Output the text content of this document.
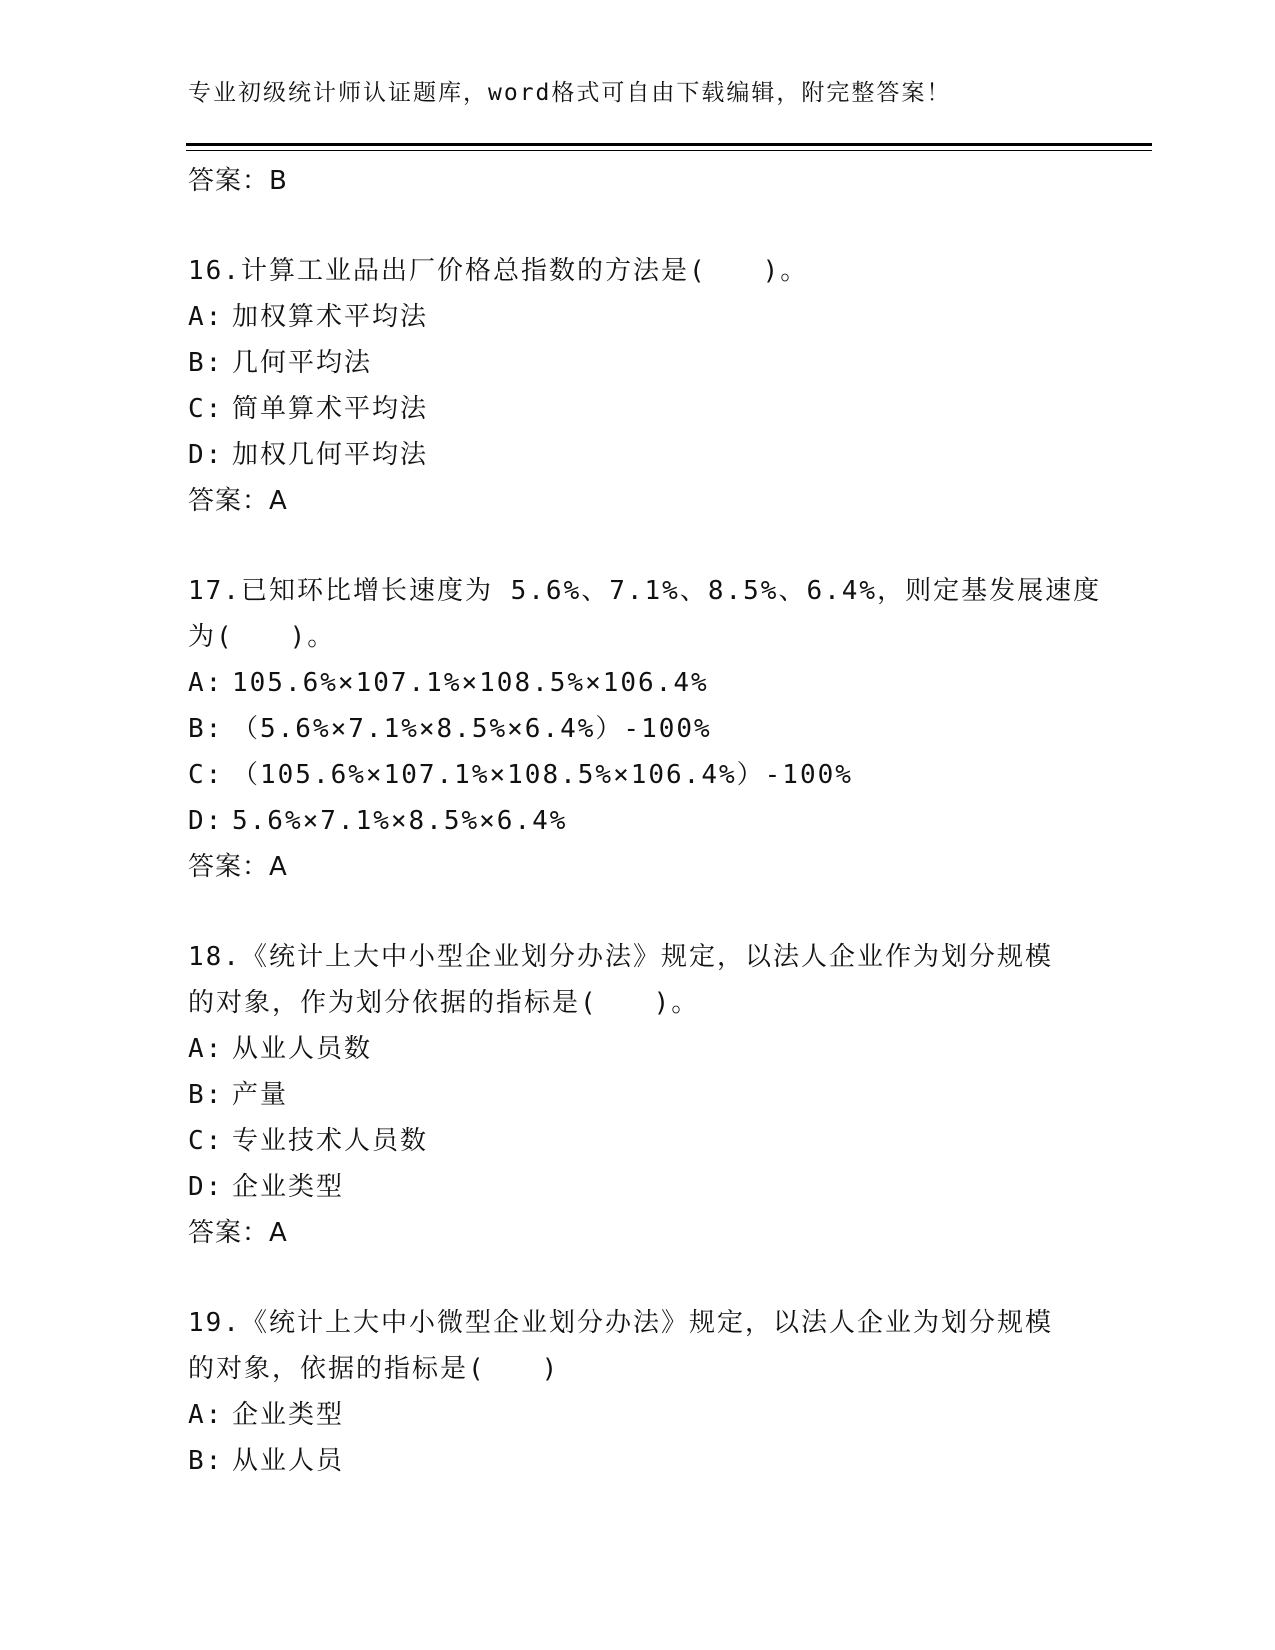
专业初级统计师认证题库，word格式可自由下载编辑，附完整答案！
答案：B
16.计算工业品出厂价格总指数的方法是(　　)。
A: 加权算术平均法
B: 几何平均法
C: 简单算术平均法
D: 加权几何平均法
答案：A
17.已知环比增长速度为 5.6%、7.1%、8.5%、6.4%，则定基发展速度
为(　　)。
A: 105.6%×107.1%×108.5%×106.4%
B: （5.6%×7.1%×8.5%×6.4%）-100%
C: （105.6%×107.1%×108.5%×106.4%）-100%
D: 5.6%×7.1%×8.5%×6.4%
答案：A
18.《统计上大中小型企业划分办法》规定，以法人企业作为划分规模
的对象，作为划分依据的指标是(　　)。
A: 从业人员数
B: 产量
C: 专业技术人员数
D: 企业类型
答案：A
19.《统计上大中小微型企业划分办法》规定，以法人企业为划分规模
的对象，依据的指标是(　　)
A: 企业类型
B: 从业人员
